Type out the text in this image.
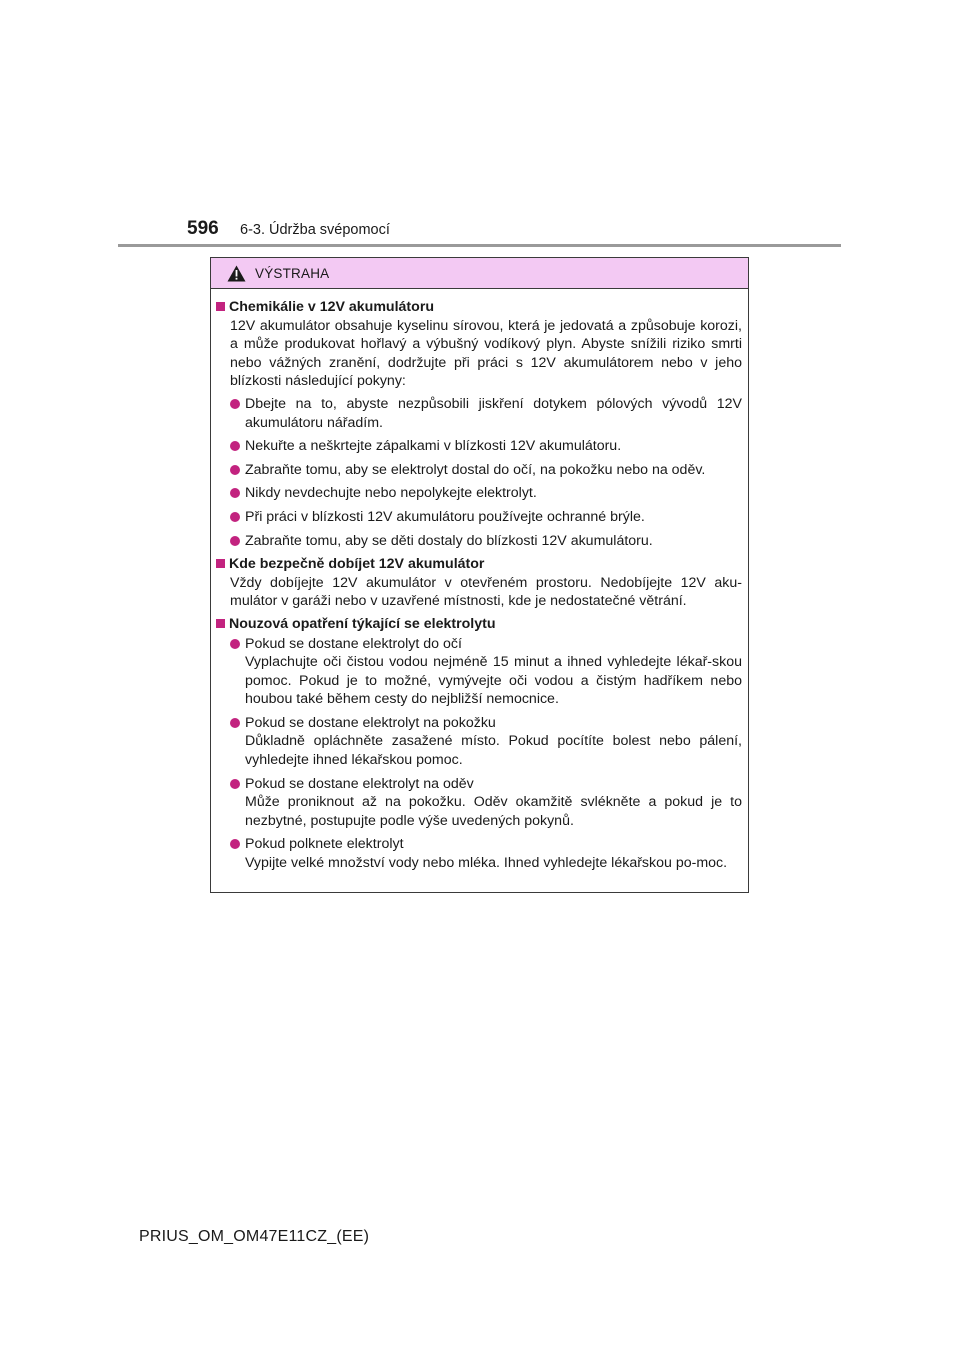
596 6-3. Údržba svépomocí
VÝSTRAHA
Chemikálie v 12V akumulátoru
12V akumulátor obsahuje kyselinu sírovou, která je jedovatá a způsobuje korozi, a může produkovat hořlavý a výbušný vodíkový plyn. Abyste snížili riziko smrti nebo vážných zranění, dodržujte při práci s 12V akumulátorem nebo v jeho blízkosti následující pokyny:
Dbejte na to, abyste nezpůsobili jiskření dotykem pólových vývodů 12V akumulátoru nářadím.
Nekuřte a neškrtejte zápalkami v blízkosti 12V akumulátoru.
Zabraňte tomu, aby se elektrolyt dostal do očí, na pokožku nebo na oděv.
Nikdy nevdechujte nebo nepolykejte elektrolyt.
Při práci v blízkosti 12V akumulátoru používejte ochranné brýle.
Zabraňte tomu, aby se děti dostaly do blízkosti 12V akumulátoru.
Kde bezpečně dobíjet 12V akumulátor
Vždy dobíjejte 12V akumulátor v otevřeném prostoru. Nedobíjejte 12V aku-mulátor v garáži nebo v uzavřené místnosti, kde je nedostatečné větrání.
Nouzová opatření týkající se elektrolytu
Pokud se dostane elektrolyt do očí
Vyplachujte oči čistou vodou nejméně 15 minut a ihned vyhledejte lékař-skou pomoc. Pokud je to možné, vymývejte oči vodou a čistým hadříkem nebo houbou také během cesty do nejbližší nemocnice.
Pokud se dostane elektrolyt na pokožku
Důkladně opláchněte zasažené místo. Pokud pocítíte bolest nebo pálení, vyhledejte ihned lékařskou pomoc.
Pokud se dostane elektrolyt na oděv
Může proniknout až na pokožku. Oděv okamžitě svlékněte a pokud je to nezbytné, postupujte podle výše uvedených pokynů.
Pokud polknete elektrolyt
Vypijte velké množství vody nebo mléka. Ihned vyhledejte lékařskou po-moc.
PRIUS_OM_OM47E11CZ_(EE)
